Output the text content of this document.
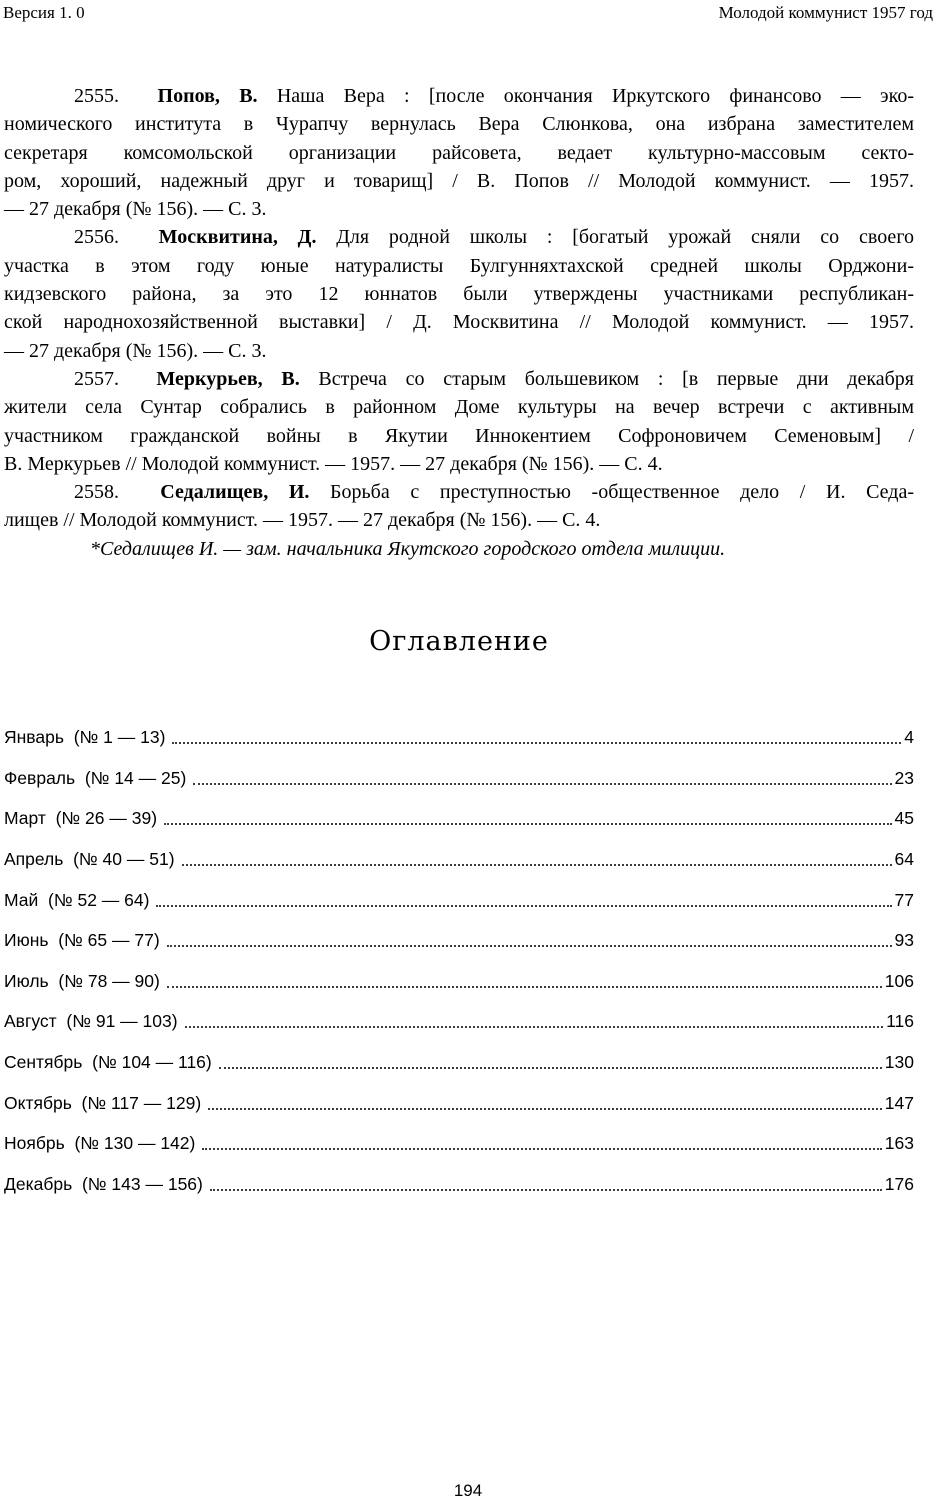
Версия 1. 0	Молодой коммунист 1957 год
2555. Попов, В. Наша Вера : [после окончания Иркутского финансово — эко-
номического института в Чурапчу вернулась Вера Слюнкова, она избрана заместителем
секретаря комсомольской организации райсовета, ведает культурно-массовым секто-
ром, хороший, надежный друг и товарищ] / В. Попов // Молодой коммунист. — 1957.
— 27 декабря (№ 156). — С. 3.
2556. Москвитина, Д. Для родной школы : [богатый урожай сняли со своего
участка в этом году юные натуралисты Булгунняхтахской средней школы Орджони-
кидзевского района, за это 12 юннатов были утверждены участниками республикан-
ской народнохозяйственной выставки] / Д. Москвитина // Молодой коммунист. — 1957.
— 27 декабря (№ 156). — С. 3.
2557. Меркурьев, В. Встреча со старым большевиком : [в первые дни декабря
жители села Сунтар собрались в районном Доме культуры на вечер встречи с активным
участником гражданской войны в Якутии Иннокентием Софроновичем Семеновым] /
В. Меркурьев // Молодой коммунист. — 1957. — 27 декабря (№ 156). — С. 4.
2558. Седалищев, И. Борьба с преступностью -общественное дело / И. Седа-
лищев // Молодой коммунист. — 1957. — 27 декабря (№ 156). — С. 4.
*Седалищев И. — зам. начальника Якутского городского отдела милиции.
Оглавление
Январь  (№ 1 — 13)	4
Февраль  (№ 14 — 25)	23
Март  (№ 26 — 39)	45
Апрель  (№ 40 — 51)	64
Май  (№ 52 — 64)	77
Июнь  (№ 65 — 77)	93
Июль  (№ 78 — 90)	106
Август  (№ 91 — 103)	116
Сентябрь  (№ 104 — 116)	130
Октябрь  (№ 117 — 129)	147
Ноябрь  (№ 130 — 142)	163
Декабрь  (№ 143 — 156)	176
194
